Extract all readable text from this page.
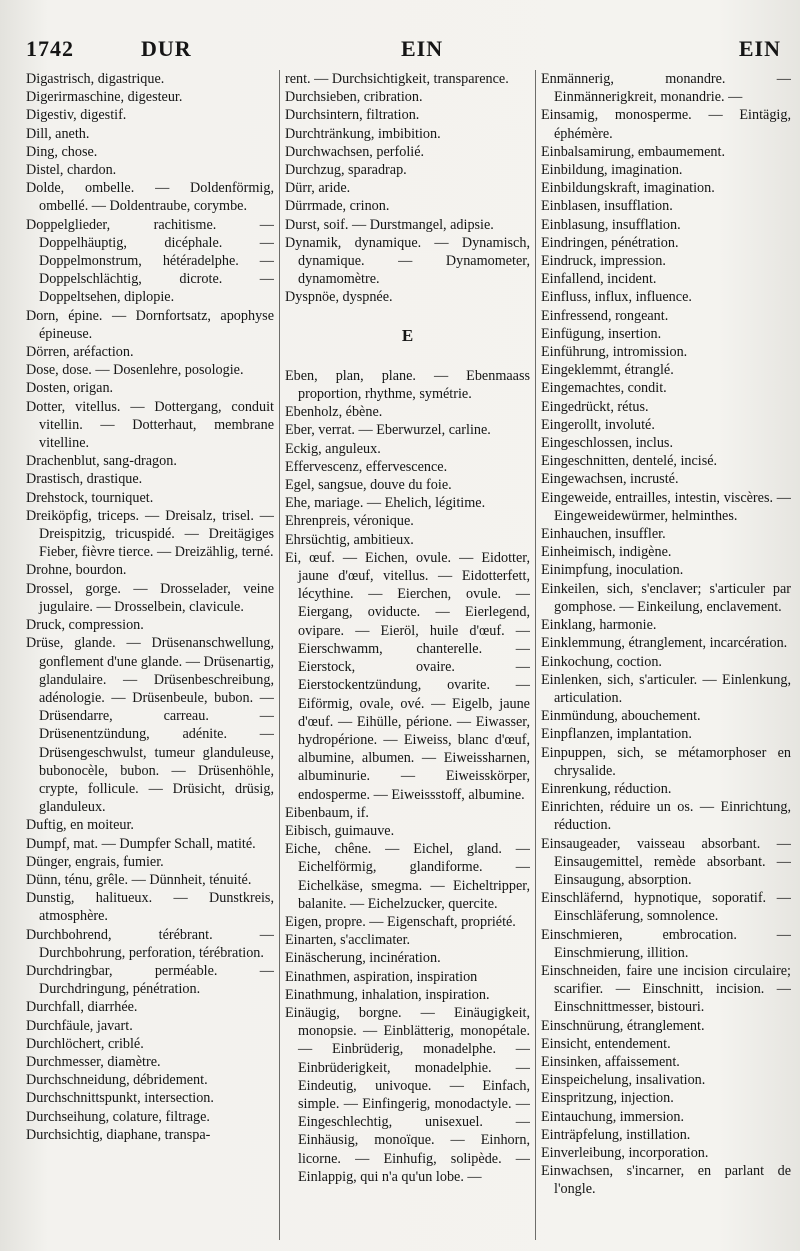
1742	DUR	EIN	EIN

Digastrisch, digastrique.

Digerirmaschine, digesteur.

Digestiv, digestif.

Dill, aneth.

Ding, chose.

Distel, chardon.

Dolde, ombelle. — Doldenförmig, ombellé. — Doldentraube, corymbe.

Doppelglieder, rachitisme. — Doppelhäuptig, dicéphale. — Doppelmonstrum, hétéradelphe. — Doppelschlächtig, dicrote. — Doppeltsehen, diplopie.

Dorn, épine. — Dornfortsatz, apophyse épineuse.

Dörren, aréfaction.

Dose, dose. — Dosenlehre, posologie.

Dosten, origan.

Dotter, vitellus. — Dottergang, conduit vitellin. — Dotterhaut, membrane vitelline.

Drachenblut, sang-dragon.

Drastisch, drastique.

Drehstock, tourniquet.

Dreiköpfig, triceps. — Dreisalz, trisel. — Dreispitzig, tricuspidé. — Dreitägiges Fieber, fièvre tierce. — Dreizählig, terné.

Drohne, bourdon.

Drossel, gorge. — Drosselader, veine jugulaire. — Drosselbein, clavicule.

Druck, compression.

Drüse, glande. — Drüsenanschwellung, gonflement d'une glande. — Drüsenartig, glandulaire. — Drüsenbeschreibung, adénologie. — Drüsenbeule, bubon. — Drüsendarre, carreau. — Drüsenentzündung, adénite. — Drüsengeschwulst, tumeur glanduleuse, bubonocèle, bubon. — Drüsenhöhle, crypte, follicule. — Drüsicht, drüsig, glanduleux.

Duftig, en moiteur.

Dumpf, mat. — Dumpfer Schall, matité.

Dünger, engrais, fumier.

Dünn, ténu, grêle. — Dünnheit, ténuité.

Dunstig, halitueux. — Dunstkreis, atmosphère.

Durchbohrend, térébrant. — Durchbohrung, perforation, térébration.

Durchdringbar, perméable. — Durchdringung, pénétration.

Durchfall, diarrhée.

Durchfäule, javart.

Durchlöchert, criblé.

Durchmesser, diamètre.

Durchschneidung, débridement.

Durchschnittspunkt, intersection.

Durchseihung, colature, filtrage.

Durchsichtig, diaphane, transpa-

rent. — Durchsichtigkeit, transparence.

Durchsieben, cribration.

Durchsintern, filtration.

Durchtränkung, imbibition.

Durchwachsen, perfolié.

Durchzug, sparadrap.

Dürr, aride.

Dürrmade, crinon.

Durst, soif. — Durstmangel, adipsie.

Dynamik, dynamique. — Dynamisch, dynamique. — Dynamometer, dynamomètre.

Dyspnöe, dyspnée.

E

Eben, plan, plane. — Ebenmaass proportion, rhythme, symétrie.

Ebenholz, ébène.

Eber, verrat. — Eberwurzel, carline.

Eckig, anguleux.

Effervescenz, effervescence.

Egel, sangsue, douve du foie.

Ehe, mariage. — Ehelich, légitime.

Ehrenpreis, véronique.

Ehrsüchtig, ambitieux.

Ei, œuf. — Eichen, ovule. — Eidotter, jaune d'œuf, vitellus. — Eidotterfett, lécythine. — Eierchen, ovule. — Eiergang, oviducte. — Eierlegend, ovipare. — Eieröl, huile d'œuf. — Eierschwamm, chanterelle. — Eierstock, ovaire. — Eierstockentzündung, ovarite. — Eiförmig, ovale, ové. — Eigelb, jaune d'œuf. — Eihülle, périone. — Eiwasser, hydropérione. — Eiweiss, blanc d'œuf, albumine, albumen. — Eiweissharnen, albuminurie. — Eiweisskörper, endosperme. — Eiweissstoff, albumine.

Eibenbaum, if.

Eibisch, guimauve.

Eiche, chêne. — Eichel, gland. — Eichelförmig, glandiforme. — Eichelkäse, smegma. — Eicheltripper, balanite. — Eichelzucker, quercite.

Eigen, propre. — Eigenschaft, propriété.

Einarten, s'acclimater.

Einäscherung, incinération.

Einathmen, aspiration, inspiration

Einathmung, inhalation, inspiration.

Einäugig, borgne. — Einäugigkeit, monopsie. — Einblätterig, monopétale. — Einbrüderig, monadelphe. — Einbrüderigkeit, monadelphie. — Eindeutig, univoque. — Einfach, simple. — Einfingerig, monodactyle. — Eingeschlechtig, unisexuel. — Einhäusig, monoïque. — Einhorn, licorne. — Einhufig, solipède. — Einlappig, qui n'a qu'un lobe. —

Enmännerig, monandre. — Einmännerigkreit, monandrie. —

Einsamig, monosperme. — Eintägig, éphémère.

Einbalsamirung, embaumement.

Einbildung, imagination.

Einbildungskraft, imagination.

Einblasen, insufflation.

Einblasung, insufflation.

Eindringen, pénétration.

Eindruck, impression.

Einfallend, incident.

Einfluss, influx, influence.

Einfressend, rongeant.

Einfügung, insertion.

Einführung, intromission.

Eingeklemmt, étranglé.

Eingemachtes, condit.

Eingedrückt, rétus.

Eingerollt, involuté.

Eingeschlossen, inclus.

Eingeschnitten, dentelé, incisé.

Eingewachsen, incrusté.

Eingeweide, entrailles, intestin, viscères. — Eingeweidewürmer, helminthes.

Einhauchen, insuffler.

Einheimisch, indigène.

Einimpfung, inoculation.

Einkeilen, sich, s'enclaver; s'articuler par gomphose. — Einkeilung, enclavement.

Einklang, harmonie.

Einklemmung, étranglement, incarcération.

Einkochung, coction.

Einlenken, sich, s'articuler. — Einlenkung, articulation.

Einmündung, abouchement.

Einpflanzen, implantation.

Einpuppen, sich, se métamorphoser en chrysalide.

Einrenkung, réduction.

Einrichten, réduire un os. — Einrichtung, réduction.

Einsaugeader, vaisseau absorbant. — Einsaugemittel, remède absorbant. — Einsaugung, absorption.

Einschläfernd, hypnotique, soporatif. — Einschläferung, somnolence.

Einschmieren, embrocation. — Einschmierung, illition.

Einschneiden, faire une incision circulaire; scarifier. — Einschnitt, incision. — Einschnittmesser, bistouri.

Einschnürung, étranglement.

Einsicht, entendement.

Einsinken, affaissement.

Einspeichelung, insalivation.

Einspritzung, injection.

Eintauchung, immersion.

Einträpfelung, instillation.

Einverleibung, incorporation.

Einwachsen, s'incarner, en parlant de l'ongle.
